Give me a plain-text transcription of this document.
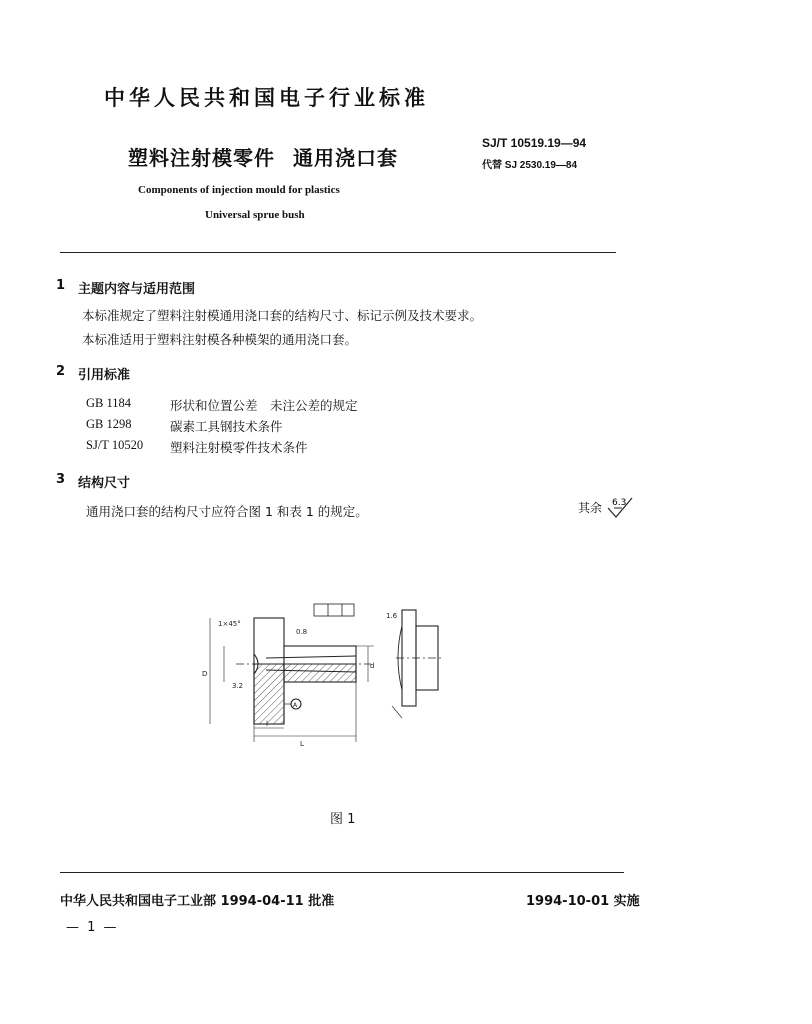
中华人民共和国电子行业标准
塑料注射模零件 通用浇口套
SJ/T 10519.19—94
代替 SJ 2530.19—84
Components of injection mould for plastics
Universal sprue bush
1 主题内容与适用范围
本标准规定了塑料注射模通用浇口套的结构尺寸、标记示例及技术要求。
本标准适用于塑料注射模各种模架的通用浇口套。
2 引用标准
GB 1184	形状和位置公差　未注公差的规定
GB 1298	碳素工具钢技术条件
SJ/T 10520 塑料注射模零件技术条件
3 结构尺寸
通用浇口套的结构尺寸应符合图 1 和表 1 的规定。	其余 6.3
1×45°
A
L
l
D
d
0.8
3.2
1.6
图 1
中华人民共和国电子工业部 1994-04-11 批准	1994-10-01 实施
— 1 —
